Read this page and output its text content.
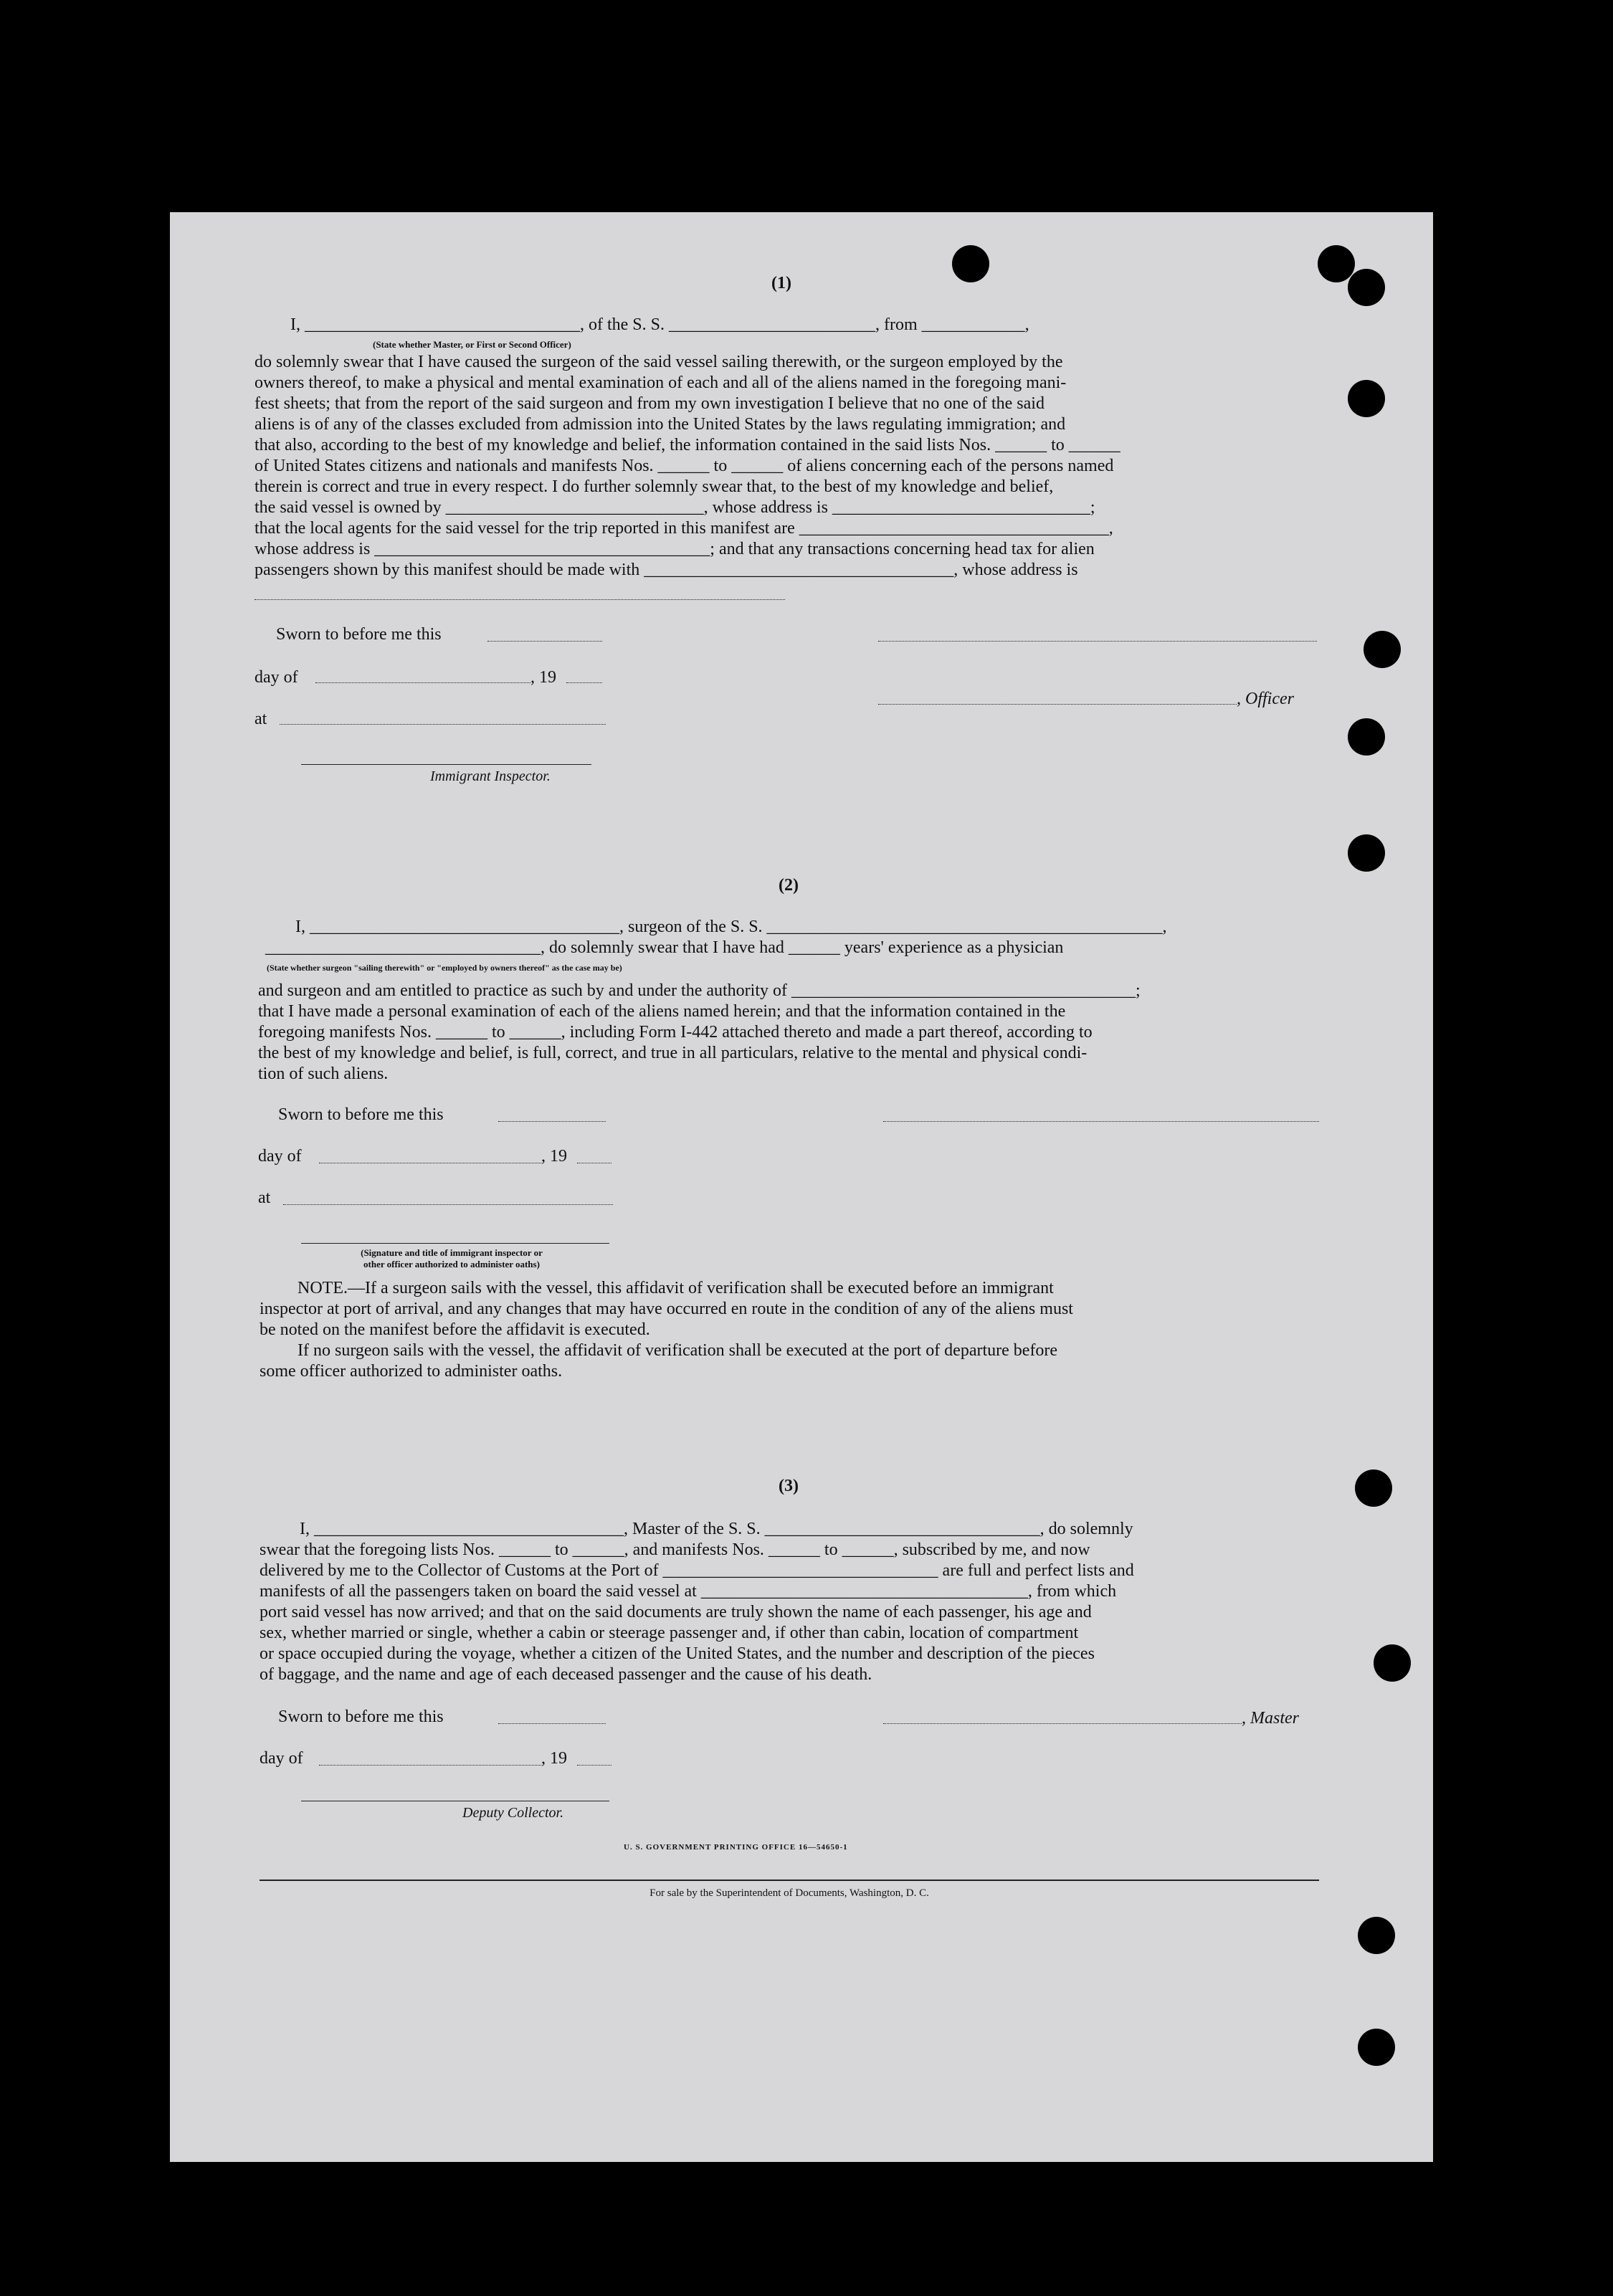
(1)
I, ________________________________, of the S. S. ________________________, from ____________,
(State whether Master, or First or Second Officer)
do solemnly swear that I have caused the surgeon of the said vessel sailing therewith, or the surgeon employed by the
owners thereof, to make a physical and mental examination of each and all of the aliens named in the foregoing mani-
fest sheets; that from the report of the said surgeon and from my own investigation I believe that no one of the said
aliens is of any of the classes excluded from admission into the United States by the laws regulating immigration; and
that also, according to the best of my knowledge and belief, the information contained in the said lists Nos. ______ to ______
of United States citizens and nationals and manifests Nos. ______ to ______ of aliens concerning each of the persons named
therein is correct and true in every respect. I do further solemnly swear that, to the best of my knowledge and belief,
the said vessel is owned by ______________________________, whose address is ______________________________;
that the local agents for the said vessel for the trip reported in this manifest are ____________________________________,
whose address is _______________________________________; and that any transactions concerning head tax for alien
passengers shown by this manifest should be made with ____________________________________, whose address is
Sworn to before me this
day of	, 19
, Officer
at
Immigrant Inspector.
(2)
I, ____________________________________, surgeon of the S. S. ______________________________________________,
________________________________, do solemnly swear that I have had ______ years' experience as a physician
(State whether surgeon "sailing therewith" or "employed by owners thereof" as the case may be)
and surgeon and am entitled to practice as such by and under the authority of ________________________________________;
that I have made a personal examination of each of the aliens named herein; and that the information contained in the
foregoing manifests Nos. ______ to ______, including Form I-442 attached thereto and made a part thereof, according to
the best of my knowledge and belief, is full, correct, and true in all particulars, relative to the mental and physical condi-
tion of such aliens.
Sworn to before me this
day of	, 19
at
(Signature and title of immigrant inspector or
other officer authorized to administer oaths)
NOTE.—If a surgeon sails with the vessel, this affidavit of verification shall be executed before an immigrant
inspector at port of arrival, and any changes that may have occurred en route in the condition of any of the aliens must
be noted on the manifest before the affidavit is executed.
If no surgeon sails with the vessel, the affidavit of verification shall be executed at the port of departure before
some officer authorized to administer oaths.
(3)
I, ____________________________________, Master of the S. S. ________________________________, do solemnly
swear that the foregoing lists Nos. ______ to ______, and manifests Nos. ______ to ______, subscribed by me, and now
delivered by me to the Collector of Customs at the Port of ________________________________ are full and perfect lists and
manifests of all the passengers taken on board the said vessel at ______________________________________, from which
port said vessel has now arrived; and that on the said documents are truly shown the name of each passenger, his age and
sex, whether married or single, whether a cabin or steerage passenger and, if other than cabin, location of compartment
or space occupied during the voyage, whether a citizen of the United States, and the number and description of the pieces
of baggage, and the name and age of each deceased passenger and the cause of his death.
Sworn to before me this	, Master
day of	, 19
Deputy Collector.
U. S. GOVERNMENT PRINTING OFFICE 16—54650-1
For sale by the Superintendent of Documents, Washington, D. C.
